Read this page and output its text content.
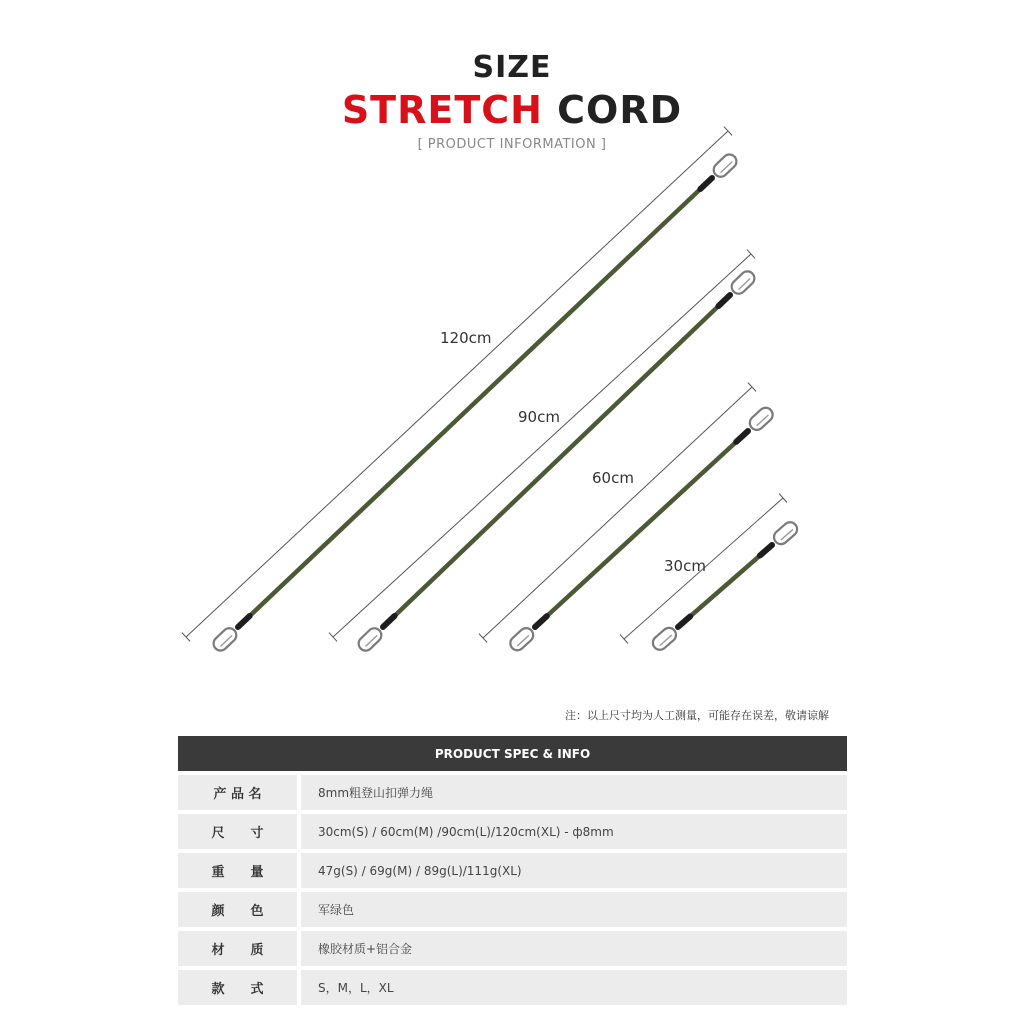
SIZE
STRETCH CORD
[ PRODUCT INFORMATION ]
120cm
90cm
60cm
30cm
注：以上尺寸均为人工测量，可能存在误差，敬请谅解
PRODUCT SPEC & INFO
产 品 名	8mm粗登山扣弹力绳
尺　　寸	30cm(S) / 60cm(M) /90cm(L)/120cm(XL) - ф8mm
重　　量	47g(S) / 69g(M) / 89g(L)/111g(XL)
颜　　色	军绿色
材　　质	橡胶材质+铝合金
款　　式	S，M，L，XL
